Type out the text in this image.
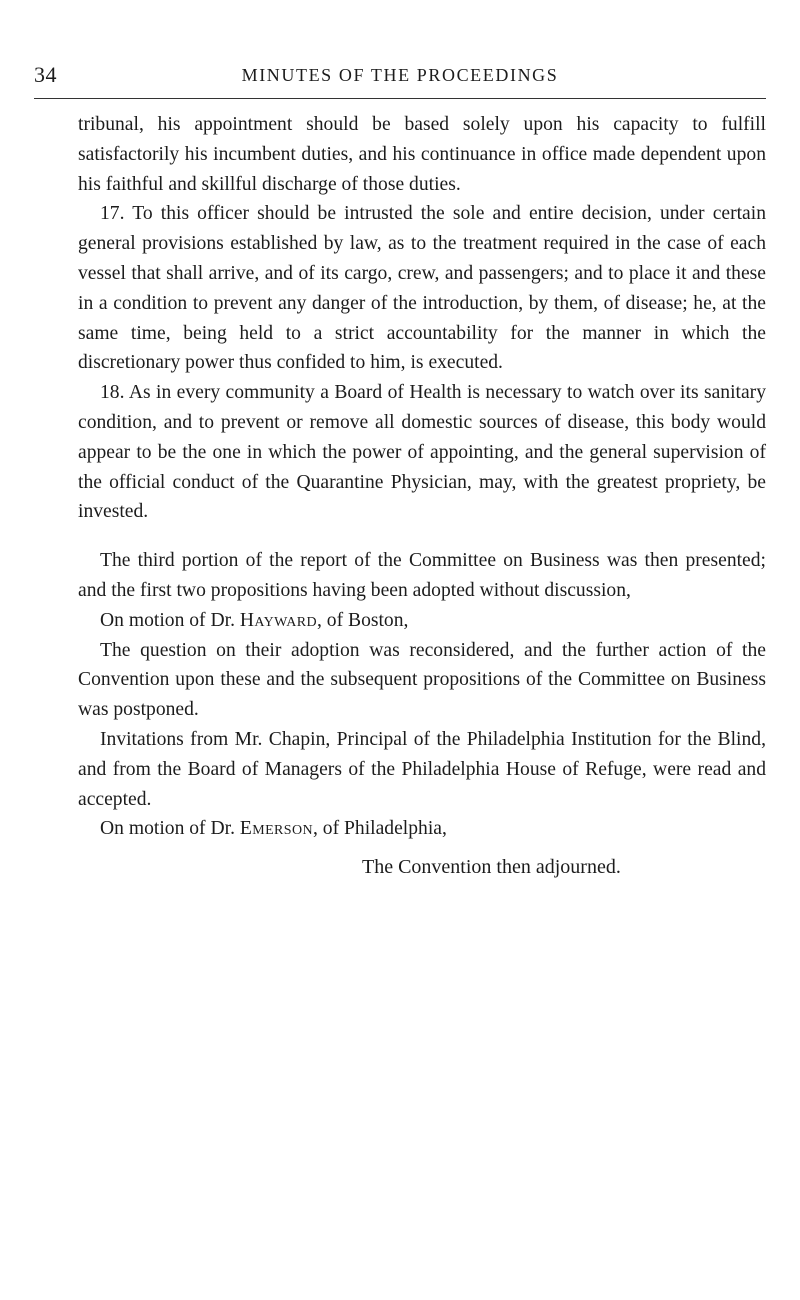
34	MINUTES OF THE PROCEEDINGS

tribunal, his appointment should be based solely upon his capacity to fulfill satisfactorily his incumbent duties, and his continuance in office made dependent upon his faithful and skillful discharge of those duties.

17. To this officer should be intrusted the sole and entire decision, under certain general provisions established by law, as to the treatment required in the case of each vessel that shall arrive, and of its cargo, crew, and passengers; and to place it and these in a condition to prevent any danger of the introduction, by them, of disease; he, at the same time, being held to a strict accountability for the manner in which the discretionary power thus confided to him, is executed.

18. As in every community a Board of Health is necessary to watch over its sanitary condition, and to prevent or remove all domestic sources of disease, this body would appear to be the one in which the power of appointing, and the general supervision of the official conduct of the Quarantine Physician, may, with the greatest propriety, be invested.

The third portion of the report of the Committee on Business was then presented; and the first two propositions having been adopted without discussion,

On motion of Dr. Hayward, of Boston,

The question on their adoption was reconsidered, and the further action of the Convention upon these and the subsequent propositions of the Committee on Business was postponed.

Invitations from Mr. Chapin, Principal of the Philadelphia Institution for the Blind, and from the Board of Managers of the Philadelphia House of Refuge, were read and accepted.

On motion of Dr. Emerson, of Philadelphia,

The Convention then adjourned.
